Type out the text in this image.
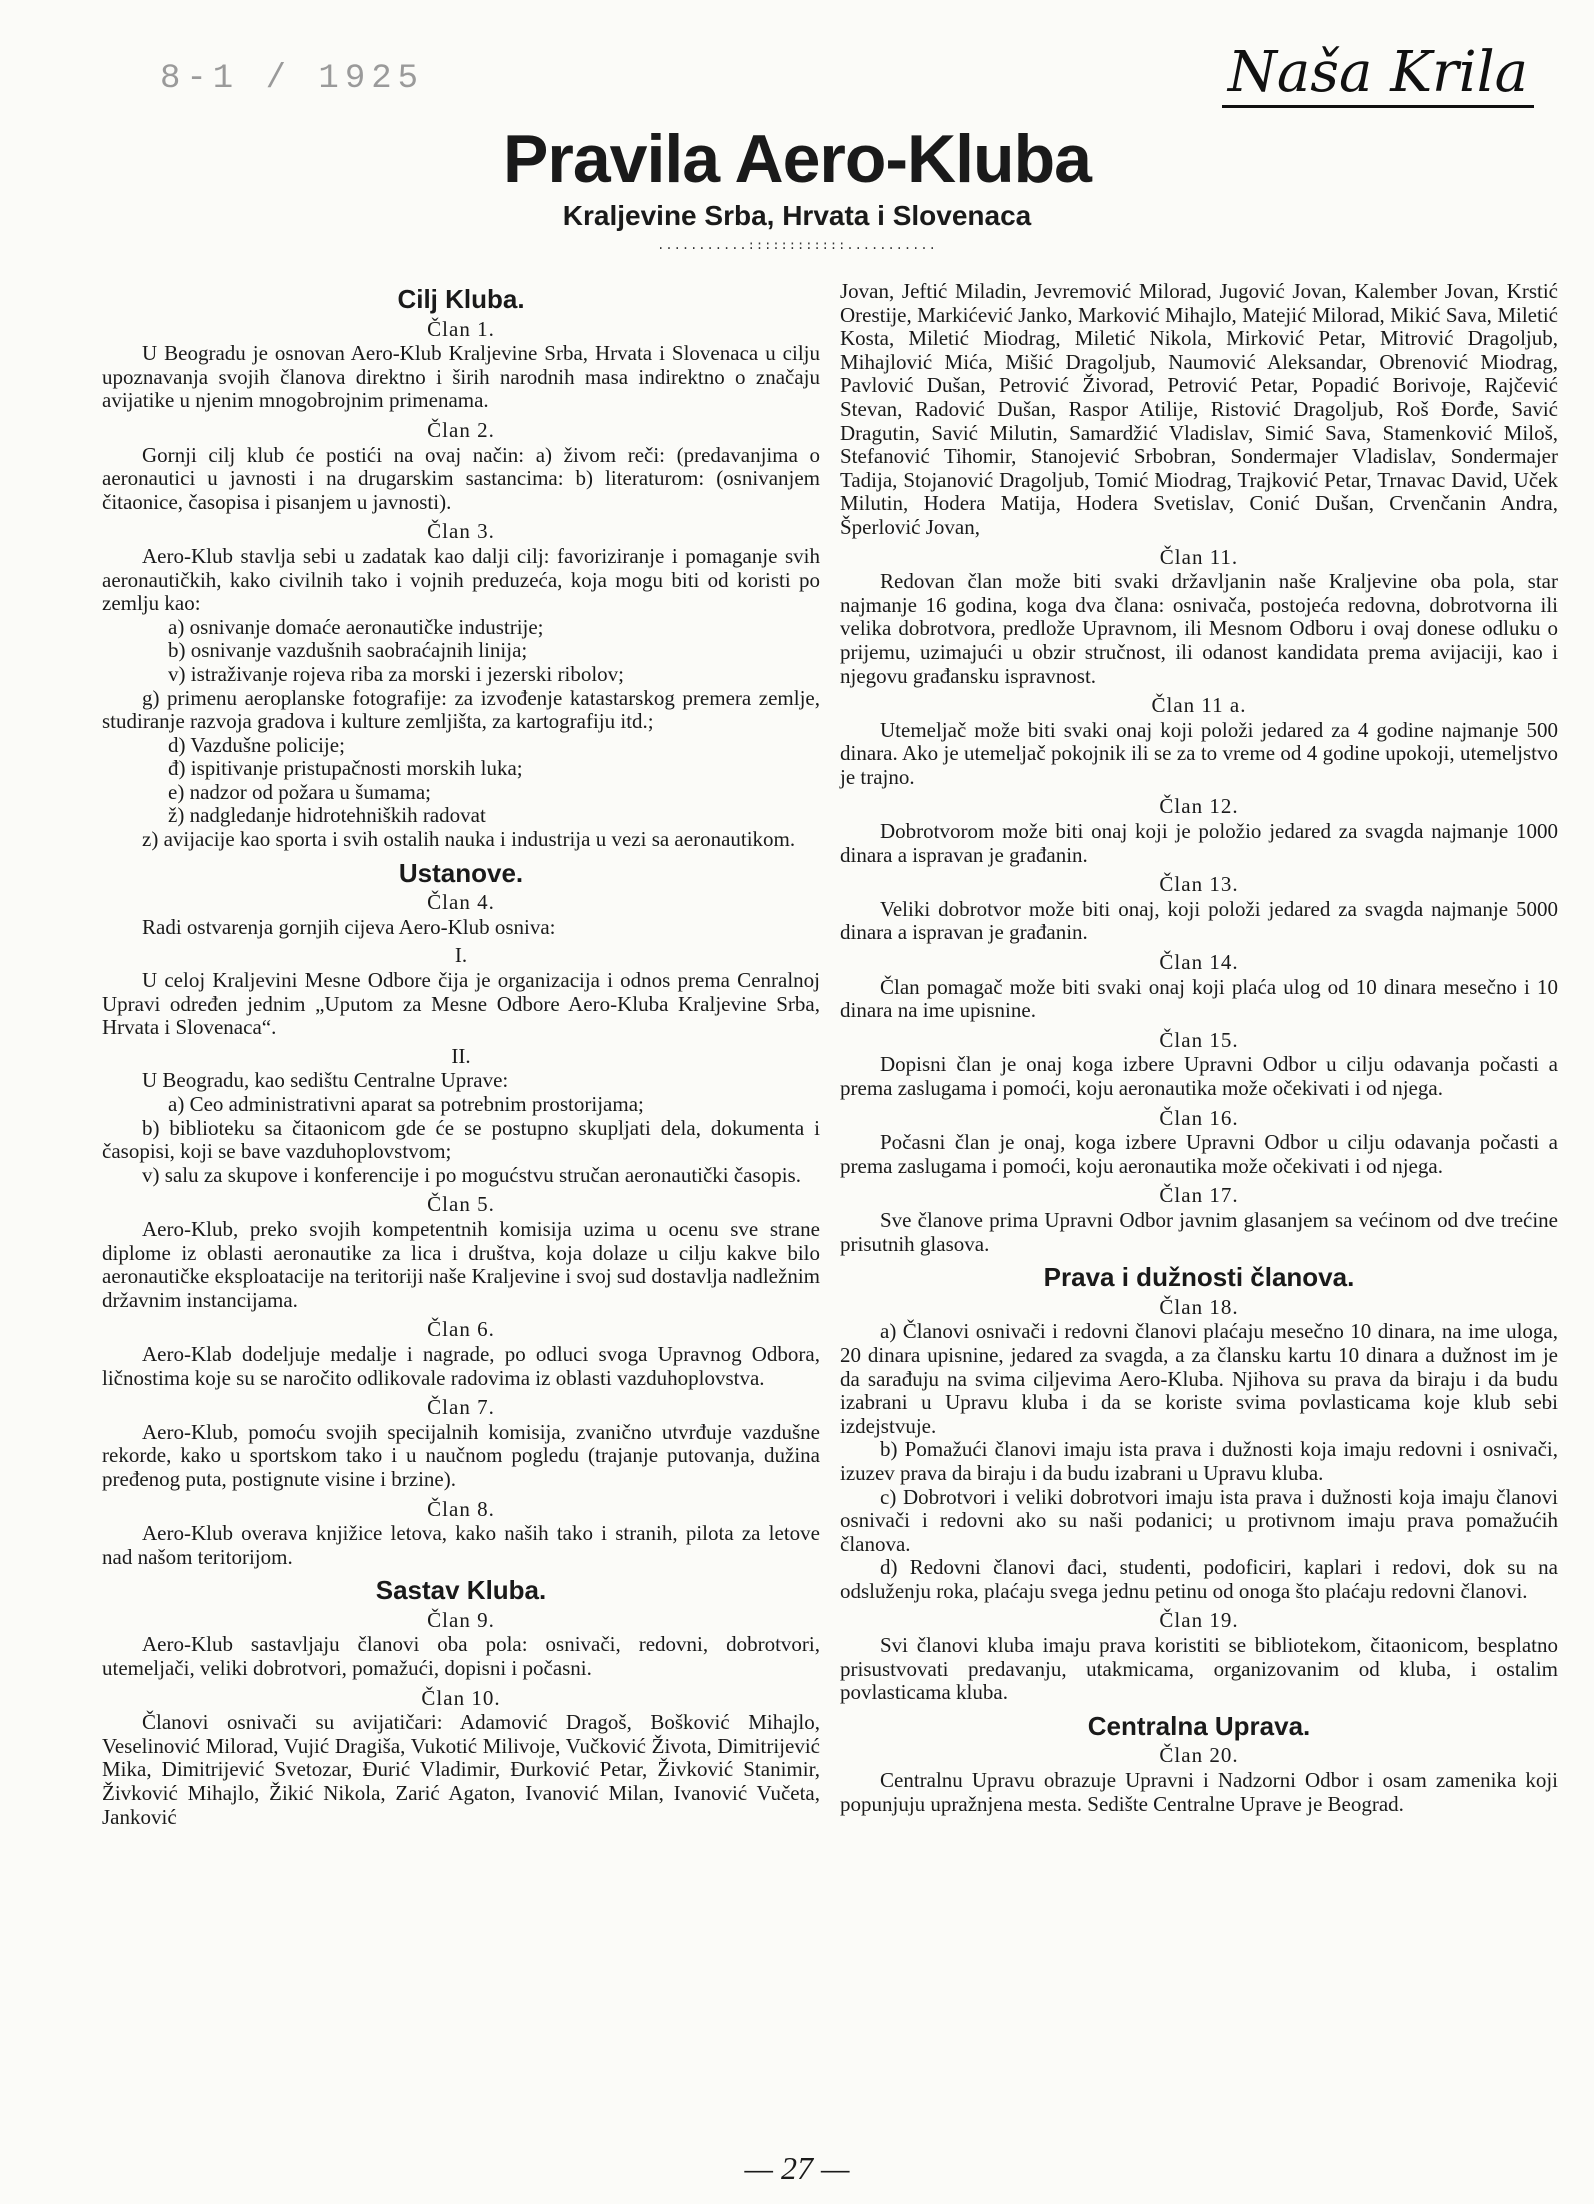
8-1 / 1925	Naša Krila
Pravila Aero-Kluba
Kraljevine Srba, Hrvata i Slovenaca
...........::::::::::::...........
Cilj Kluba.
Član 1.

U Beogradu je osnovan Aero-Klub Kraljevine Srba, Hrvata i Slovenaca u cilju upoznavanja svojih članova direktno i širih narodnih masa indirektno o značaju avijatike u njenim mnogobrojnim primenama.

Član 2.

Gornji cilj klub će postići na ovaj način: a) živom reči: (predavanjima o aeronautici u javnosti i na drugarskim sastancima: b) literaturom: (osnivanjem čitaonice, časopisa i pisanjem u javnosti).

Član 3.

Aero-Klub stavlja sebi u zadatak kao dalji cilj: favoriziranje i pomaganje svih aeronautičkih, kako civilnih tako i vojnih preduzeća, koja mogu biti od koristi po zemlju kao:

a) osnivanje domaće aeronautičke industrije;

b) osnivanje vazdušnih saobraćajnih linija;

v) istraživanje rojeva riba za morski i jezerski ribolov;

g) primenu aeroplanske fotografije: za izvođenje katastarskog premera zemlje, studiranje razvoja gradova i kulture zemljišta, za kartografiju itd.;

d) Vazdušne policije;

đ) ispitivanje pristupačnosti morskih luka;

e) nadzor od požara u šumama;

ž) nadgledanje hidrotehniških radovat

z) avijacije kao sporta i svih ostalih nauka i industrija u vezi sa aeronautikom.

Ustanove.
Član 4.

Radi ostvarenja gornjih cijeva Aero-Klub osniva:

I.

U celoj Kraljevini Mesne Odbore čija je organizacija i odnos prema Cenralnoj Upravi određen jednim „Uputom za Mesne Odbore Aero-Kluba Kraljevine Srba, Hrvata i Slovenaca“.

II.

U Beogradu, kao sedištu Centralne Uprave:

a) Ceo administrativni aparat sa potrebnim prostorijama;

b) biblioteku sa čitaonicom gde će se postupno skupljati dela, dokumenta i časopisi, koji se bave vazduhoplovstvom;

v) salu za skupove i konferencije i po mogućstvu stručan aeronautički časopis.

Član 5.

Aero-Klub, preko svojih kompetentnih komisija uzima u ocenu sve strane diplome iz oblasti aeronautike za lica i društva, koja dolaze u cilju kakve bilo aeronautičke eksploatacije na teritoriji naše Kraljevine i svoj sud dostavlja nadležnim državnim instancijama.

Član 6.

Aero-Klab dodeljuje medalje i nagrade, po odluci svoga Upravnog Odbora, ličnostima koje su se naročito odlikovale radovima iz oblasti vazduhoplovstva.

Član 7.

Aero-Klub, pomoću svojih specijalnih komisija, zvanično utvrđuje vazdušne rekorde, kako u sportskom tako i u naučnom pogledu (trajanje putovanja, dužina pređenog puta, postignute visine i brzine).

Član 8.

Aero-Klub overava knjižice letova, kako naših tako i stranih, pilota za letove nad našom teritorijom.

Sastav Kluba.
Član 9.

Aero-Klub sastavljaju članovi oba pola: osnivači, redovni, dobrotvori, utemeljači, veliki dobrotvori, pomažući, dopisni i počasni.

Član 10.

Članovi osnivači su avijatičari: Adamović Dragoš, Bošković Mihajlo, Veselinović Milorad, Vujić Dragiša, Vukotić Milivoje, Vučković Života, Dimitrijević Mika, Dimitrijević Svetozar, Đurić Vladimir, Đurković Petar, Živković Stanimir, Živković Mihajlo, Žikić Nikola, Zarić Agaton, Ivanović Milan, Ivanović Vučeta, Janković

Jovan, Jeftić Miladin, Jevremović Milorad, Jugović Jovan, Kalember Jovan, Krstić Orestije, Markićević Janko, Marković Mihajlo, Matejić Milorad, Mikić Sava, Miletić Kosta, Miletić Miodrag, Miletić Nikola, Mirković Petar, Mitrović Dragoljub, Mihajlović Mića, Mišić Dragoljub, Naumović Aleksandar, Obrenović Miodrag, Pavlović Dušan, Petrović Živorad, Petrović Petar, Popadić Borivoje, Rajčević Stevan, Radović Dušan, Raspor Atilije, Ristović Dragoljub, Roš Đorđe, Savić Dragutin, Savić Milutin, Samardžić Vladislav, Simić Sava, Stamenković Miloš, Stefanović Tihomir, Stanojević Srbobran, Sondermajer Vladislav, Sondermajer Tadija, Stojanović Dragoljub, Tomić Miodrag, Trajković Petar, Trnavac David, Uček Milutin, Hodera Matija, Hodera Svetislav, Conić Dušan, Crvenčanin Andra, Šperlović Jovan,

Član 11.

Redovan član može biti svaki državljanin naše Kraljevine oba pola, star najmanje 16 godina, koga dva člana: osnivača, postojeća redovna, dobrotvorna ili velika dobrotvora, predlože Upravnom, ili Mesnom Odboru i ovaj donese odluku o prijemu, uzimajući u obzir stručnost, ili odanost kandidata prema avijaciji, kao i njegovu građansku ispravnost.

Član 11 a.

Utemeljač može biti svaki onaj koji položi jedared za 4 godine najmanje 500 dinara. Ako je utemeljač pokojnik ili se za to vreme od 4 godine upokoji, utemeljstvo je trajno.

Član 12.

Dobrotvorom može biti onaj koji je položio jedared za svagda najmanje 1000 dinara a ispravan je građanin.

Član 13.

Veliki dobrotvor može biti onaj, koji položi jedared za svagda najmanje 5000 dinara a ispravan je građanin.

Član 14.

Član pomagač može biti svaki onaj koji plaća ulog od 10 dinara mesečno i 10 dinara na ime upisnine.

Član 15.

Dopisni član je onaj koga izbere Upravni Odbor u cilju odavanja počasti a prema zaslugama i pomoći, koju aeronautika može očekivati i od njega.

Član 16.

Počasni član je onaj, koga izbere Upravni Odbor u cilju odavanja počasti a prema zaslugama i pomoći, koju aeronautika može očekivati i od njega.

Član 17.

Sve članove prima Upravni Odbor javnim glasanjem sa većinom od dve trećine prisutnih glasova.

Prava i dužnosti članova.
Član 18.

a) Članovi osnivači i redovni članovi plaćaju mesečno 10 dinara, na ime uloga, 20 dinara upisnine, jedared za svagda, a za člansku kartu 10 dinara a dužnost im je da sarađuju na svima cilјevima Aero-Kluba. Njihova su prava da biraju i da budu izabrani u Upravu kluba i da se koriste svima povlasticama koje klub sebi izdejstvuje.

b) Pomažući članovi imaju ista prava i dužnosti koja imaju redovni i osnivači, izuzev prava da biraju i da budu izabrani u Upravu kluba.

c) Dobrotvori i veliki dobrotvori imaju ista prava i dužnosti koja imaju članovi osnivači i redovni ako su naši podanici; u protivnom imaju prava pomažućih članova.

d) Redovni članovi đaci, studenti, podoficiri, kaplari i redovi, dok su na odsluženju roka, plaćaju svega jednu petinu od onoga što plaćaju redovni članovi.

Član 19.

Svi članovi kluba imaju prava koristiti se bibliotekom, čitaonicom, besplatno prisustvovati predavanju, utakmicama, organizovanim od kluba, i ostalim povlasticama kluba.

Centralna Uprava.
Član 20.

Centralnu Upravu obrazuje Upravni i Nadzorni Odbor i osam zamenika koji popunjuju upražnjena mesta. Sedište Centralne Uprave je Beograd.

— 27 —
